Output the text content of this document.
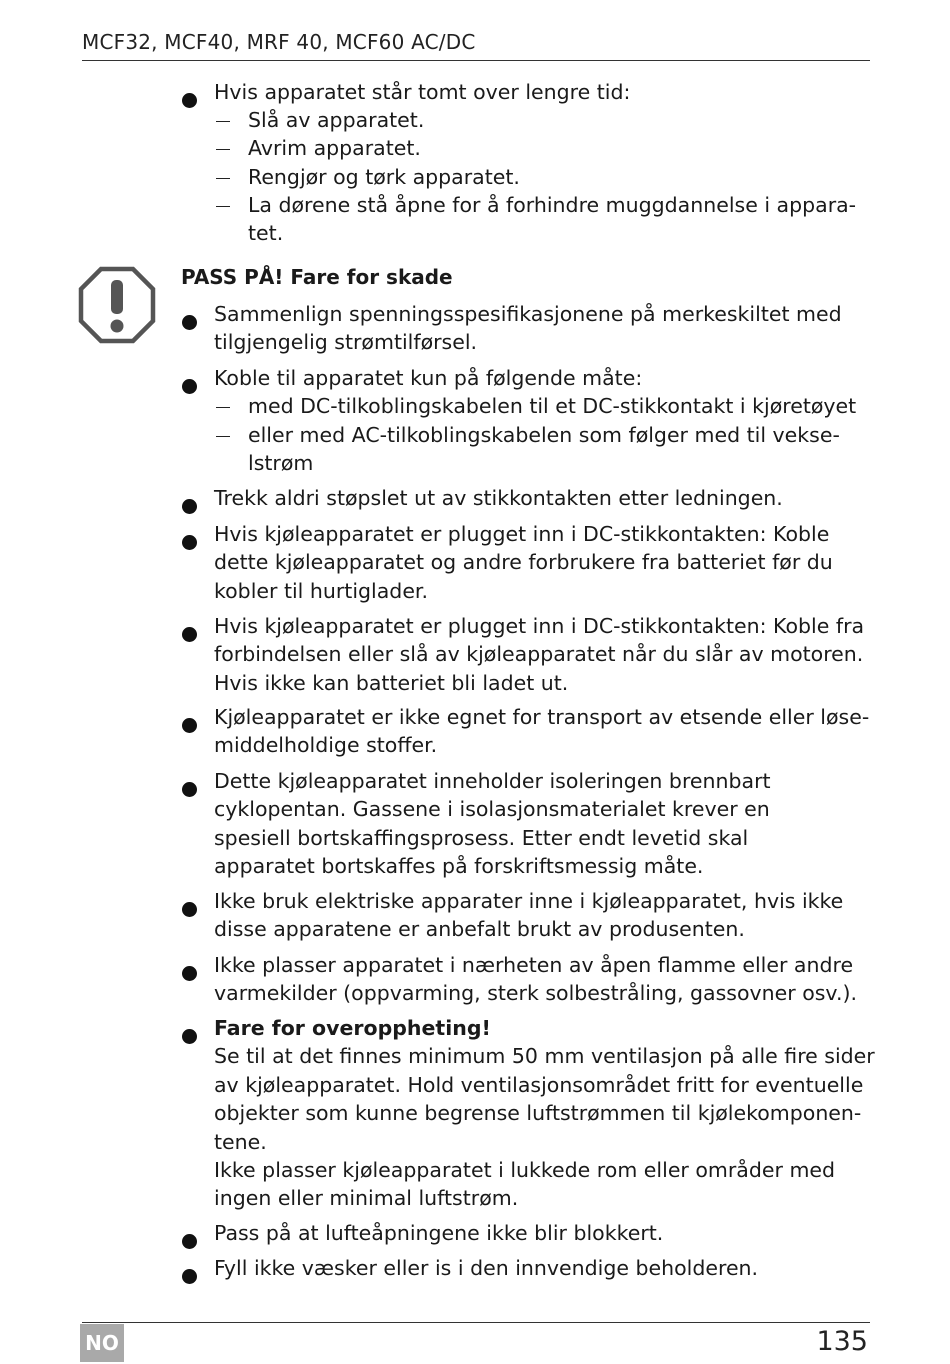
MCF32, MCF40, MRF 40, MCF60 AC/DC
PASS PÅ! Fare for skade
Hvis apparatet står tomt over lengre tid:
Slå av apparatet.
Avrim apparatet.
Rengjør og tørk apparatet.
La dørene stå åpne for å forhindre muggdannelse i appara-
tet.
Sammenlign spenningsspesifikasjonene på merkeskiltet med
tilgjengelig strømtilførsel.
Koble til apparatet kun på følgende måte:
med DC-tilkoblingskabelen til et DC-stikkontakt i kjøretøyet
eller med AC-tilkoblingskabelen som følger med til vekse-
lstrøm
Trekk aldri støpslet ut av stikkontakten etter ledningen.
Hvis kjøleapparatet er plugget inn i DC-stikkontakten: Koble
dette kjøleapparatet og andre forbrukere fra batteriet før du
kobler til hurtiglader.
Hvis kjøleapparatet er plugget inn i DC-stikkontakten: Koble fra
forbindelsen eller slå av kjøleapparatet når du slår av motoren.
Hvis ikke kan batteriet bli ladet ut.
Kjøleapparatet er ikke egnet for transport av etsende eller løse-
middelholdige stoffer.
Dette kjøleapparatet inneholder isoleringen brennbart
cyklopentan. Gassene i isolasjonsmaterialet krever en
spesiell bortskaffingsprosess. Etter endt levetid skal
apparatet bortskaffes på forskriftsmessig måte.
Ikke bruk elektriske apparater inne i kjøleapparatet, hvis ikke
disse apparatene er anbefalt brukt av produsenten.
Ikke plasser apparatet i nærheten av åpen flamme eller andre
varmekilder (oppvarming, sterk solbestråling, gassovner osv.).
Fare for overoppheting!
Se til at det finnes minimum 50 mm ventilasjon på alle fire sider
av kjøleapparatet. Hold ventilasjonsområdet fritt for eventuelle
objekter som kunne begrense luftstrømmen til kjølekomponen-
tene.
Ikke plasser kjøleapparatet i lukkede rom eller områder med
ingen eller minimal luftstrøm.
Pass på at lufteåpningene ikke blir blokkert.
Fyll ikke væsker eller is i den innvendige beholderen.
NO	135
